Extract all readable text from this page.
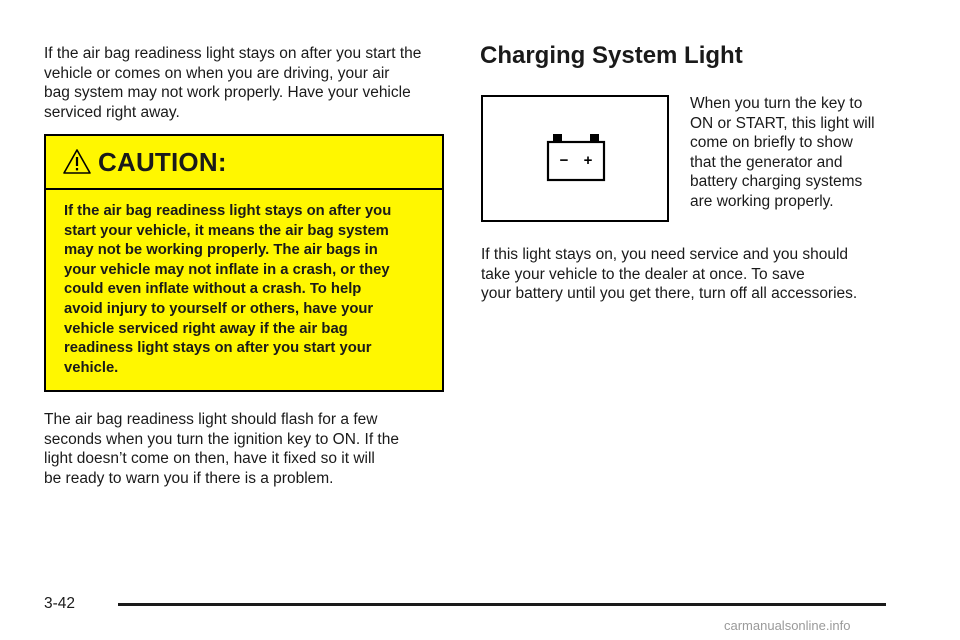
If the air bag readiness light stays on after you start the
vehicle or comes on when you are driving, your air
bag system may not work properly. Have your vehicle
serviced right away.

CAUTION:
If the air bag readiness light stays on after you
start your vehicle, it means the air bag system
may not be working properly. The air bags in
your vehicle may not inflate in a crash, or they
could even inflate without a crash. To help
avoid injury to yourself or others, have your
vehicle serviced right away if the air bag
readiness light stays on after you start your
vehicle.

The air bag readiness light should flash for a few
seconds when you turn the ignition key to ON. If the
light doesn’t come on then, have it fixed so it will
be ready to warn you if there is a problem.

Charging System Light
− +

When you turn the key to
ON or START, this light will
come on briefly to show
that the generator and
battery charging systems
are working properly.

If this light stays on, you need service and you should
take your vehicle to the dealer at once. To save
your battery until you get there, turn off all accessories.

3-42
carmanualsonline.info
